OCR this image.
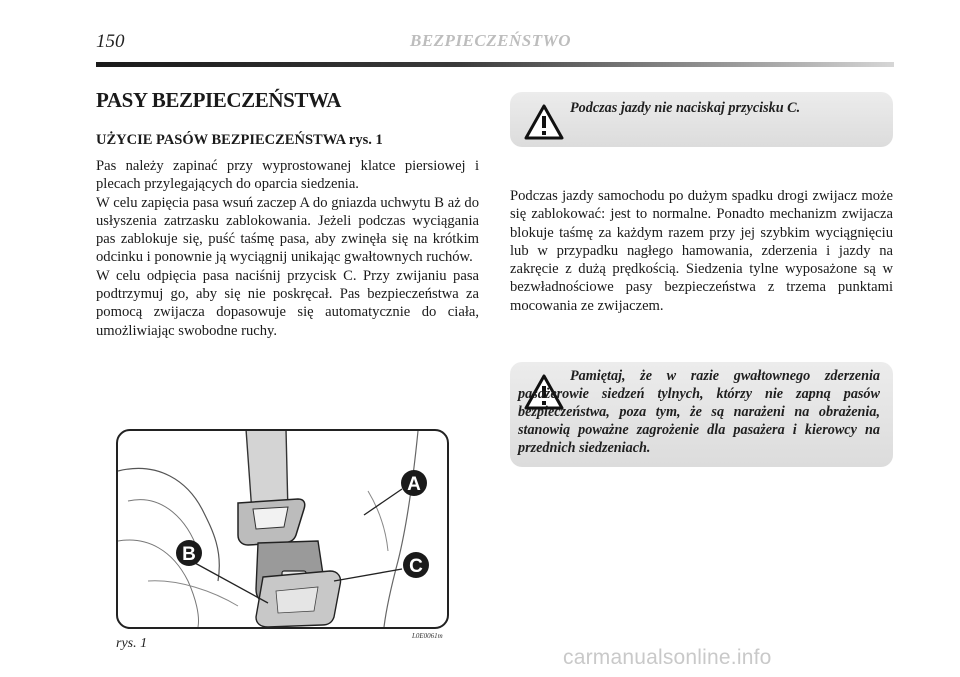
150	BEZPIECZEŃSTWO
PASY BEZPIECZEŃSTWA
UŻYCIE PASÓW BEZPIECZEŃSTWA rys. 1

Pas należy zapinać przy wyprostowanej klatce piersiowej i plecach przylegających do oparcia siedzenia.

W celu zapięcia pasa wsuń zaczep A do gniazda uchwytu B aż do usłyszenia zatrzasku zablokowania. Jeżeli podczas wyciągania pas zablokuje się, puść taśmę pasa, aby zwinęła się na krótkim odcinku i ponownie ją wyciągnij unikając gwałtownych ruchów.

W celu odpięcia pasa naciśnij przycisk C. Przy zwijaniu pasa podtrzymuj go, aby się nie poskręcał. Pas bezpieczeństwa za pomocą zwijacza dopasowuje się automatycznie do ciała, umożliwiając swobodne ruchy.

Podczas jazdy nie naciskaj przycisku C.

Podczas jazdy samochodu po dużym spadku drogi zwijacz może się zablokować: jest to normalne. Ponadto mechanizm zwijacza blokuje taśmę za każdym razem przy jej szybkim wyciągnięciu lub w przypadku nagłego hamowania, zderzenia i jazdy na zakręcie z dużą prędkością. Siedzenia tylne wyposażone są w bezwładnościowe pasy bezpieczeństwa z trzema punktami mocowania ze zwijaczem.

Pamiętaj, że w razie gwałtownego zderzenia pasażerowie siedzeń tylnych, którzy nie zapną pasów bezpieczeństwa, poza tym, że są narażeni na obrażenia, stanowią poważne zagrożenie dla pasażera i kierowcy na przednich siedzeniach.

A
B
C
L0E0061m
rys. 1
carmanualsonline.info
